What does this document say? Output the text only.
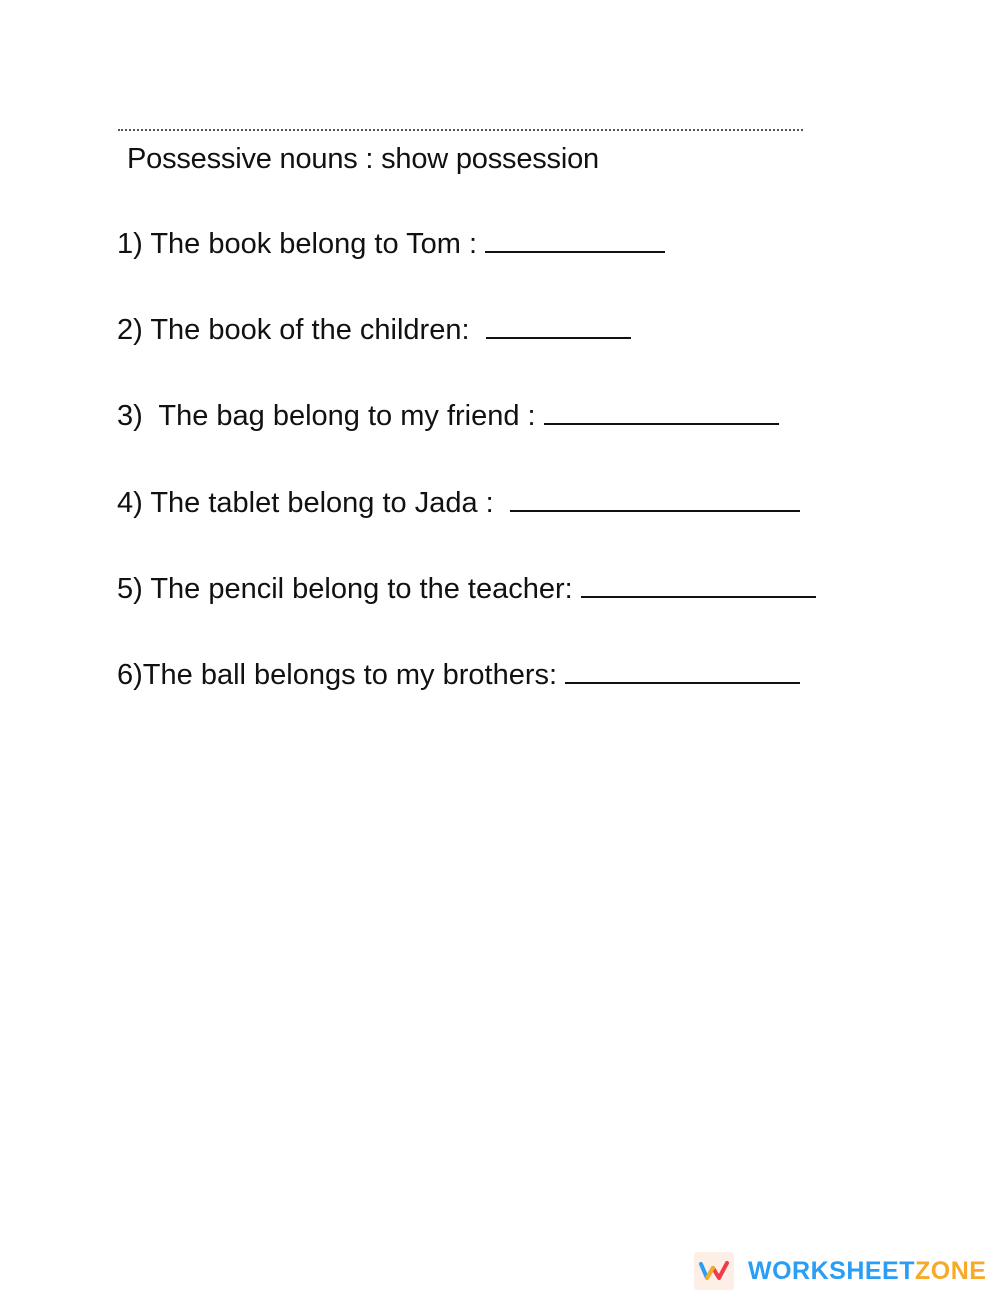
Possessive nouns : show possession
1) The book belong to Tom :
2) The book of the children:
3)  The bag belong to my friend :
4) The tablet belong to Jada :
5) The pencil belong to the teacher:
6)The ball belongs to my brothers:
WORKSHEETZONE
